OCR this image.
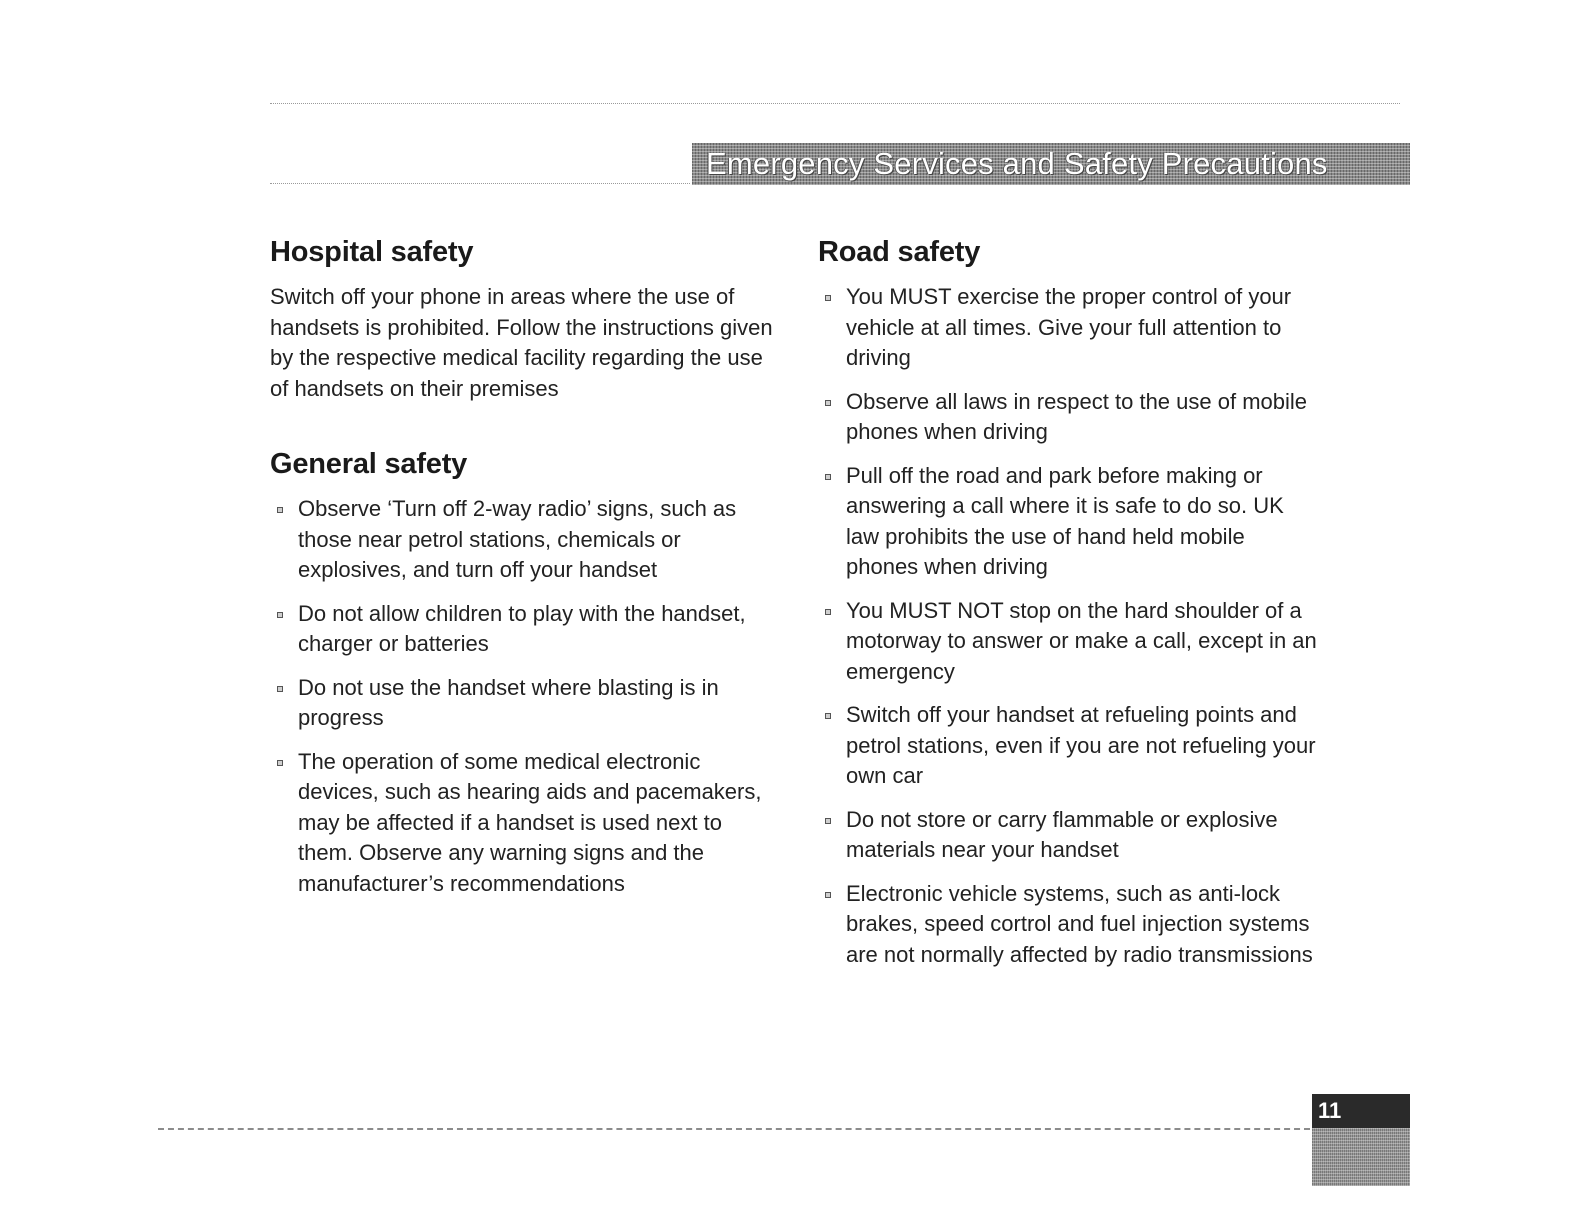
Emergency Services and Safety Precautions
Hospital safety

Switch off your phone in areas where the use of handsets is prohibited. Follow the instructions given by the respective medical facility regarding the use of handsets on their premises

General safety
Observe ‘Turn off 2-way radio’ signs, such as those near petrol stations, chemicals or explosives, and turn off your handset
Do not allow children to play with the handset, charger or batteries
Do not use the handset where blasting is in progress
The operation of some medical electronic devices, such as hearing aids and pacemakers, may be affected if a handset is used next to them. Observe any warning signs and the manufacturer’s recommendations
Road safety
You MUST exercise the proper control of your vehicle at all times. Give your full attention to driving
Observe all laws in respect to the use of mobile phones when driving
Pull off the road and park before making or answering a call where it is safe to do so. UK law prohibits the use of hand held mobile phones when driving
You MUST NOT stop on the hard shoulder of a motorway to answer or make a call, except in an emergency
Switch off your handset at refueling points and petrol stations, even if you are not refueling your own car
Do not store or carry flammable or explosive materials near your handset
Electronic vehicle systems, such as anti-lock brakes, speed cortrol and fuel injection systems are not normally affected by radio transmissions
11
